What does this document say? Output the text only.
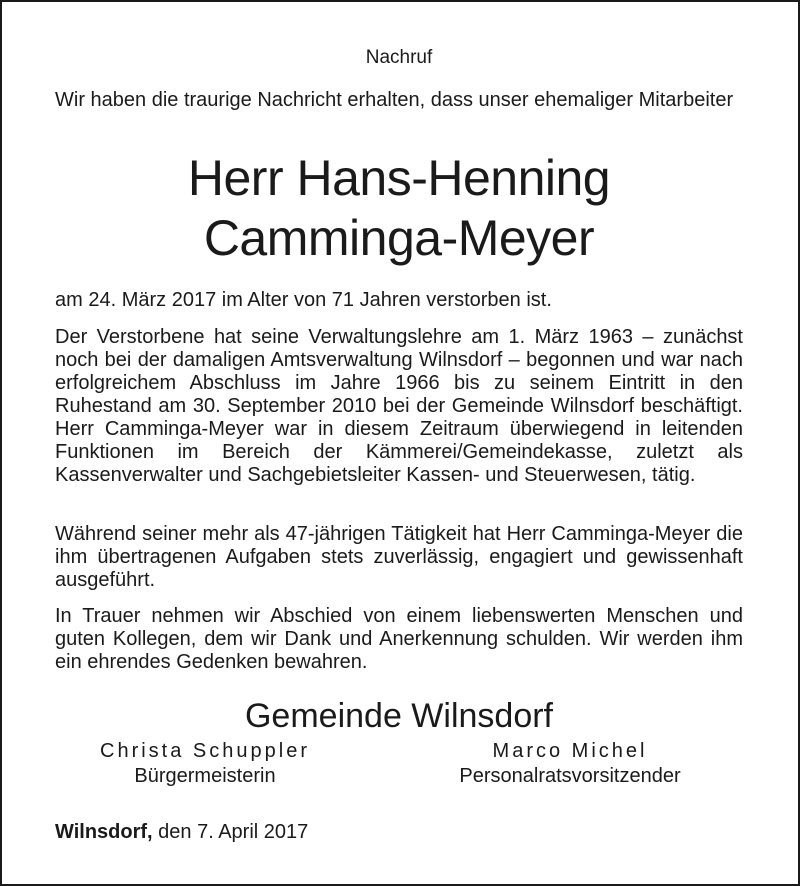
Nachruf
Wir haben die traurige Nachricht erhalten, dass unser ehemaliger Mitarbeiter
Herr Hans-Henning
Camminga-Meyer
am 24. März 2017 im Alter von 71 Jahren verstorben ist.
Der Verstorbene hat seine Verwaltungslehre am 1. März 1963 – zunächst noch bei der damaligen Amtsverwaltung Wilnsdorf – begonnen und war nach erfolgreichem Abschluss im Jahre 1966 bis zu seinem Eintritt in den Ruhestand am 30. September 2010 bei der Gemeinde Wilnsdorf beschäftigt. Herr Camminga-Meyer war in diesem Zeitraum überwiegend in leitenden Funktionen im Bereich der Kämmerei/Gemeindekasse, zuletzt als Kassenverwalter und Sachgebietsleiter Kassen- und Steuerwesen, tätig.
Während seiner mehr als 47-jährigen Tätigkeit hat Herr Camminga-Meyer die ihm übertragenen Aufgaben stets zuverlässig, engagiert und gewissenhaft ausgeführt.
In Trauer nehmen wir Abschied von einem liebenswerten Menschen und guten Kollegen, dem wir Dank und Anerkennung schulden. Wir werden ihm ein ehrendes Gedenken bewahren.
Gemeinde Wilnsdorf
Christa Schuppler
Bürgermeisterin
Marco Michel
Personalratsvorsitzender
Wilnsdorf, den 7. April 2017
